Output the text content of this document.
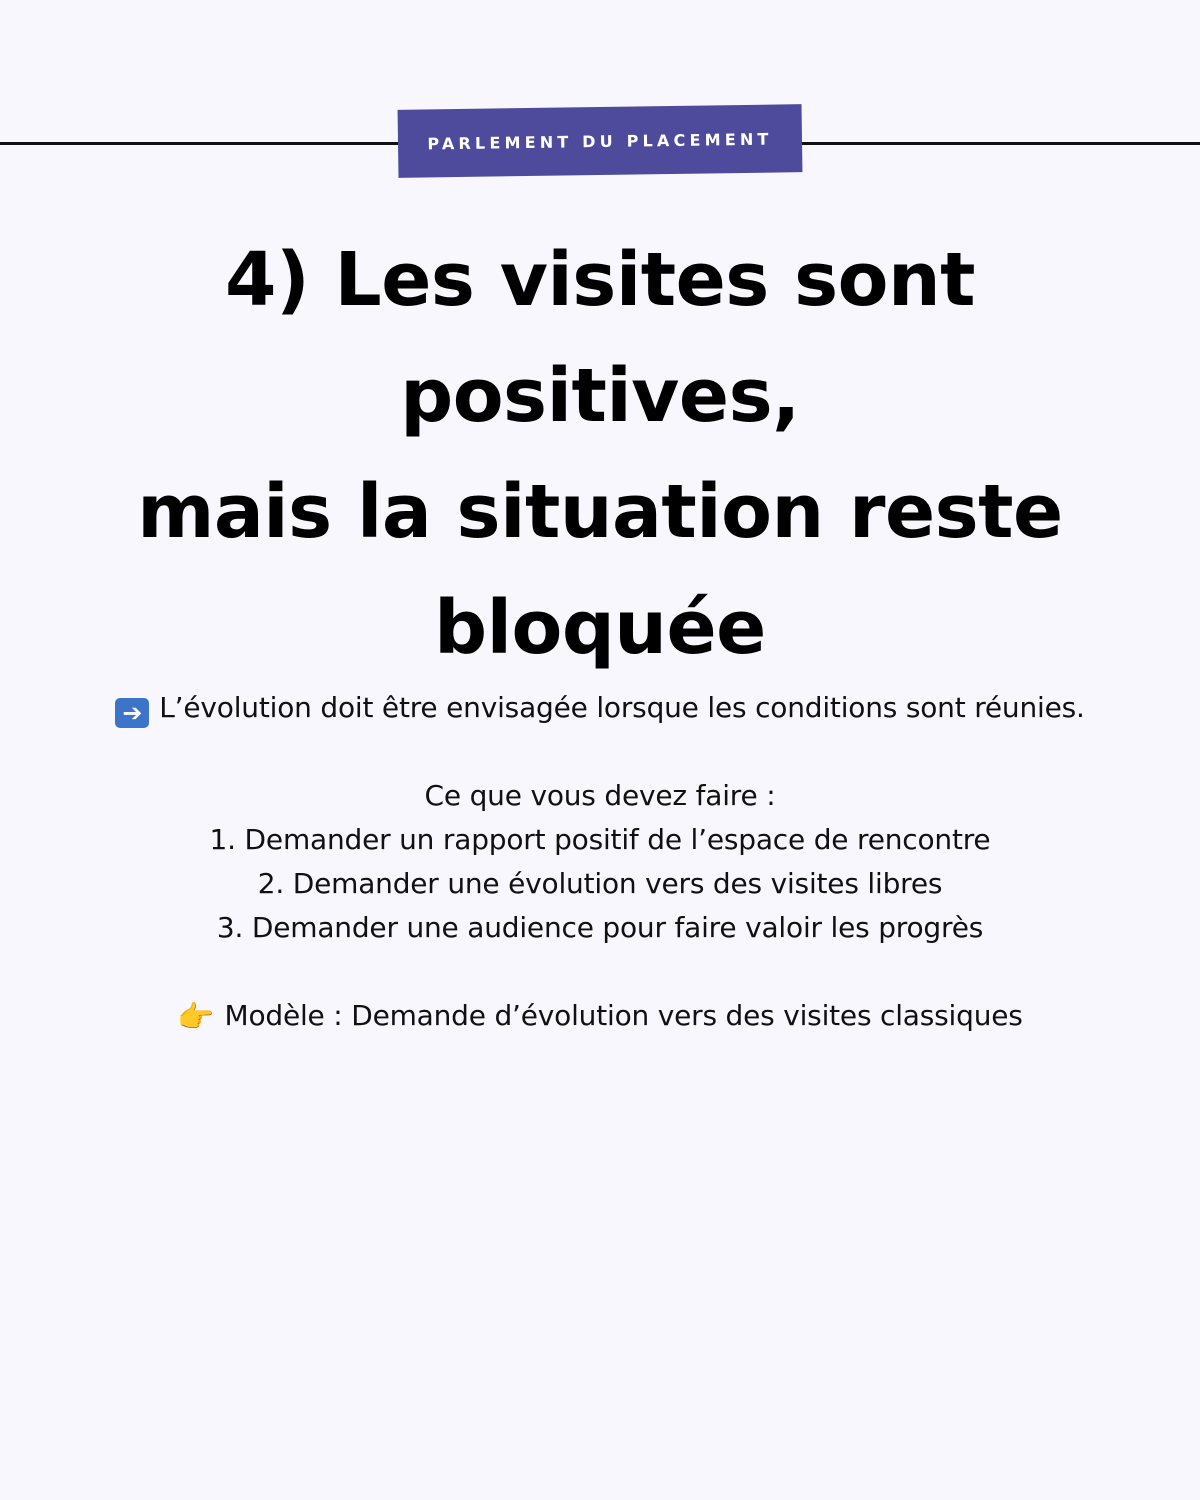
PARLEMENT DU PLACEMENT
4) Les visites sont positives,
mais la situation reste
bloquée

➔ L’évolution doit être envisagée lorsque les conditions sont réunies.

Ce que vous devez faire :

1. Demander un rapport positif de l’espace de rencontre

2. Demander une évolution vers des visites libres

3. Demander une audience pour faire valoir les progrès

👉 Modèle : Demande d’évolution vers des visites classiques
